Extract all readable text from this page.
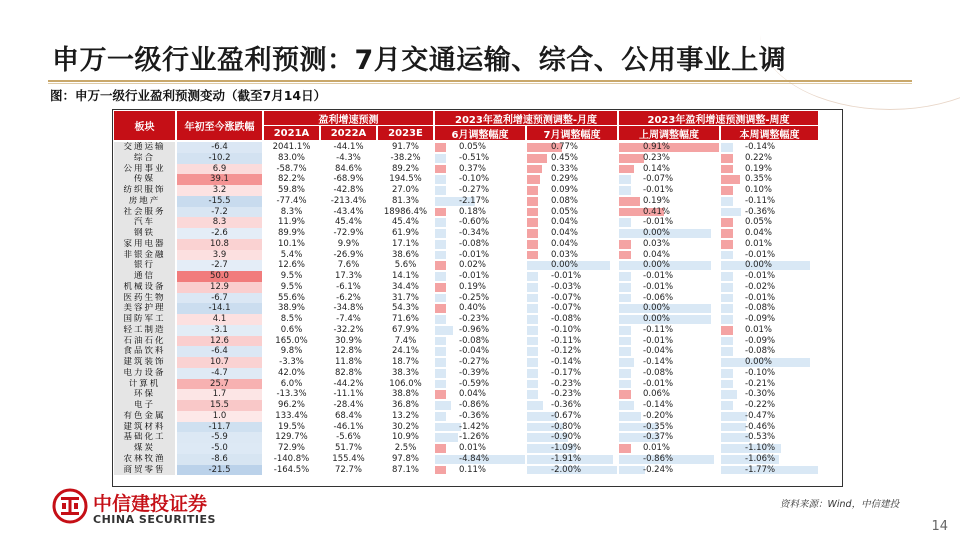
申万一级行业盈利预测：7月交通运输、综合、公用事业上调
图：申万一级行业盈利预测变动（截至7月14日）
板块	年初至今涨跌幅
盈利增速预测	2023年盈利增速预测调整-月度	2023年盈利增速预测调整-周度
2021A	2022A	2023E	6月调整幅度	7月调整幅度	上周调整幅度	本周调整幅度
交通运输	-6.4	2041.1%	-44.1%	91.7%	0.05%	0.77%	0.91%	-0.14%
综合	-10.2	83.0%	-4.3%	-38.2%	-0.51%	0.45%	0.23%	0.22%
公用事业	6.9	-58.7%	84.6%	89.2%	0.37%	0.33%	0.14%	0.19%
传媒	39.1	82.2%	-68.9%	194.5%	-0.10%	0.29%	-0.07%	0.35%
纺织服饰	3.2	59.8%	-42.8%	27.0%	-0.27%	0.09%	-0.01%	0.10%
房地产	-15.5	-77.4%	-213.4%	81.3%	-2.17%	0.08%	0.19%	-0.11%
社会服务	-7.2	8.3%	-43.4%	18986.4%	0.18%	0.05%	0.41%	-0.36%
汽车	8.3	11.9%	45.4%	45.4%	-0.60%	0.04%	-0.01%	0.05%
钢铁	-2.6	89.9%	-72.9%	61.9%	-0.34%	0.04%	0.00%	0.04%
家用电器	10.8	10.1%	9.9%	17.1%	-0.08%	0.04%	0.03%	0.01%
非银金融	3.9	5.4%	-26.9%	38.6%	-0.01%	0.03%	0.04%	-0.01%
银行	-2.7	12.6%	7.6%	5.6%	0.02%	0.00%	0.00%	0.00%
通信	50.0	9.5%	17.3%	14.1%	-0.01%	-0.01%	-0.01%	-0.01%
机械设备	12.9	9.5%	-6.1%	34.4%	0.19%	-0.03%	-0.01%	-0.02%
医药生物	-6.7	55.6%	-6.2%	31.7%	-0.25%	-0.07%	-0.06%	-0.01%
美容护理	-14.1	38.9%	-34.8%	54.3%	0.40%	-0.07%	0.00%	-0.08%
国防军工	4.1	8.5%	-7.4%	71.6%	-0.23%	-0.08%	0.00%	-0.09%
轻工制造	-3.1	0.6%	-32.2%	67.9%	-0.96%	-0.10%	-0.11%	0.01%
石油石化	12.6	165.0%	30.9%	7.4%	-0.08%	-0.11%	-0.01%	-0.09%
食品饮料	-6.4	9.8%	12.8%	24.1%	-0.04%	-0.12%	-0.04%	-0.08%
建筑装饰	10.7	-3.3%	11.8%	18.7%	-0.27%	-0.14%	-0.14%	0.00%
电力设备	-4.7	42.0%	82.8%	38.3%	-0.39%	-0.17%	-0.08%	-0.10%
计算机	25.7	6.0%	-44.2%	106.0%	-0.59%	-0.23%	-0.01%	-0.21%
环保	1.7	-13.3%	-11.1%	38.8%	0.04%	-0.23%	0.06%	-0.30%
电子	15.5	96.2%	-28.4%	36.8%	-0.86%	-0.36%	-0.14%	-0.22%
有色金属	1.0	133.4%	68.4%	13.2%	-0.36%	-0.67%	-0.20%	-0.47%
建筑材料	-11.7	19.5%	-46.1%	30.2%	-1.42%	-0.80%	-0.35%	-0.46%
基础化工	-5.9	129.7%	-5.6%	10.9%	-1.26%	-0.90%	-0.37%	-0.53%
煤炭	-5.0	72.9%	51.7%	2.5%	0.01%	-1.09%	0.01%	-1.10%
农林牧渔	-8.6	-140.8%	155.4%	97.8%	-4.84%	-1.91%	-0.86%	-1.06%
商贸零售	-21.5	-164.5%	72.7%	87.1%	0.11%	-2.00%	-0.24%	-1.77%
中信建投证券
CHINA SECURITIES
资料来源：Wind，中信建投
14
